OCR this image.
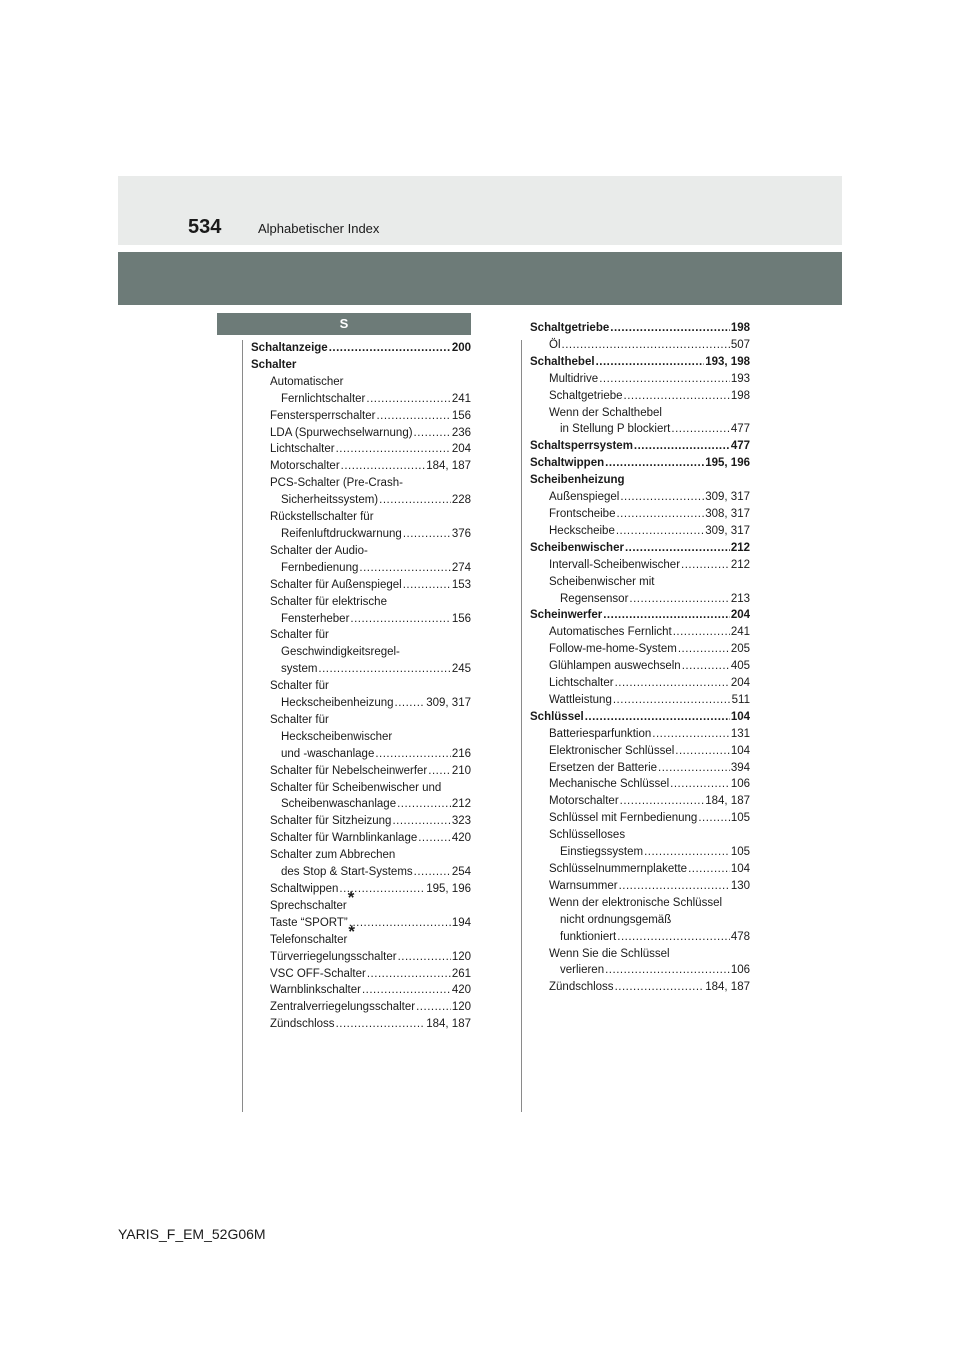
534	Alphabetischer Index
S
Schaltanzeige .....	200
Schalter
Automatischer
Fernlichtschalter .....	241
Fenstersperrschalter .....	156
LDA (Spurwechselwarnung) .....	236
Lichtschalter .....	204
Motorschalter .....	184, 187
PCS-Schalter (Pre-Crash-
Sicherheitssystem) .....	228
Rückstellschalter für
Reifenluftdruckwarnung .....	376
Schalter der Audio-
Fernbedienung .....	274
Schalter für Außenspiegel .....	153
Schalter für elektrische
Fensterheber .....	156
Schalter für
Geschwindigkeitsregel-
system .....	245
Schalter für
Heckscheibenheizung .....	309, 317
Schalter für
Heckscheibenwischer
und -waschanlage .....	216
Schalter für Nebelscheinwerfer ..... 210
Schalter für Scheibenwischer und
Scheibenwaschanlage .....	212
Schalter für Sitzheizung .....	323
Schalter für Warnblinkanlage .....	420
Schalter zum Abbrechen
des Stop & Start-Systems .....	254
Schaltwippen .....	195, 196
Sprechschalter *
Taste “SPORT” .....	194
Telefonschalter *
Türverriegelungsschalter .....	120
VSC OFF-Schalter .....	261
Warnblinkschalter .....	420
Zentralverriegelungsschalter .....	120
Zündschloss .....	184, 187
Schaltgetriebe .....	198
Öl .....	507
Schalthebel .....	193, 198
Multidrive .....	193
Schaltgetriebe .....	198
Wenn der Schalthebel
in Stellung P blockiert .....	477
Schaltsperrsystem .....	477
Schaltwippen .....	195, 196
Scheibenheizung
Außenspiegel .....	309, 317
Frontscheibe .....	308, 317
Heckscheibe .....	309, 317
Scheibenwischer .....	212
Intervall-Scheibenwischer .....	212
Scheibenwischer mit
Regensensor .....	213
Scheinwerfer .....	204
Automatisches Fernlicht .....	241
Follow-me-home-System .....	205
Glühlampen auswechseln .....	405
Lichtschalter .....	204
Wattleistung .....	511
Schlüssel .....	104
Batteriesparfunktion .....	131
Elektronischer Schlüssel .....	104
Ersetzen der Batterie .....	394
Mechanische Schlüssel .....	106
Motorschalter .....	184, 187
Schlüssel mit Fernbedienung .....	105
Schlüsselloses
Einstiegssystem .....	105
Schlüsselnummernplakette .....	104
Warnsummer .....	130
Wenn der elektronische Schlüssel
nicht ordnungsgemäß
funktioniert .....	478
Wenn Sie die Schlüssel
verlieren .....	106
Zündschloss .....	184, 187
YARIS_F_EM_52G06M
